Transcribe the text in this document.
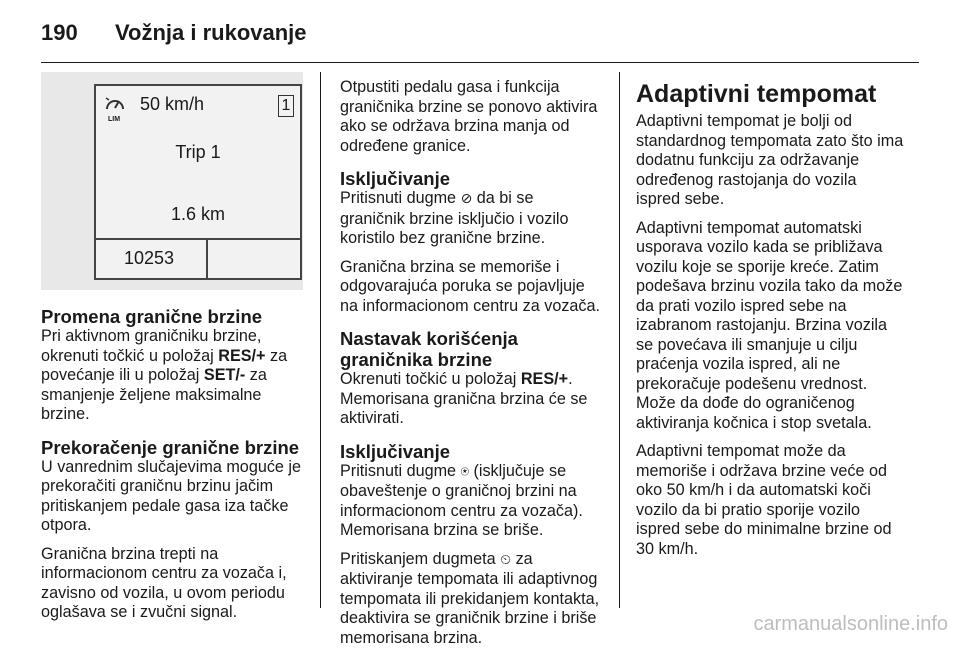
190 Vožnja i rukovanje
LIM
50 km/h	1
Trip 1
1.6 km
10253
Promena granične brzine

Pri aktivnom graničniku brzine, okrenuti točkić u položaj RES/+ za povećanje ili u položaj SET/- za smanjenje željene maksimalne brzine.

Prekoračenje granične brzine

U vanrednim slučajevima moguće je prekoračiti graničnu brzinu jačim pritiskanjem pedale gasa iza tačke otpora.

Granična brzina trepti na informacionom centru za vozača i, zavisno od vozila, u ovom periodu oglašava se i zvučni signal.

Otpustiti pedalu gasa i funkcija graničnika brzine se ponovo aktivira ako se održava brzina manja od određene granice.

Isključivanje

Pritisnuti dugme ⊘ da bi se graničnik brzine isključio i vozilo koristilo bez granične brzine.

Granična brzina se memoriše i odgovarajuća poruka se pojavljuje na informacionom centru za vozača.

Nastavak korišćenja graničnika brzine

Okrenuti točkić u položaj RES/+. Memorisana granična brzina će se aktivirati.

Isključivanje

Pritisnuti dugme ⍟ (isključuje se obaveštenje o graničnoj brzini na informacionom centru za vozača). Memorisana brzina se briše.

Pritiskanjem dugmeta ⏲ za aktiviranje tempomata ili adaptivnog tempomata ili prekidanjem kontakta, deaktivira se graničnik brzine i briše memorisana brzina.

Adaptivni tempomat

Adaptivni tempomat je bolji od standardnog tempomata zato što ima dodatnu funkciju za održavanje određenog rastojanja do vozila ispred sebe.

Adaptivni tempomat automatski usporava vozilo kada se približava vozilu koje se sporije kreće. Zatim podešava brzinu vozila tako da može da prati vozilo ispred sebe na izabranom rastojanju. Brzina vozila se povećava ili smanjuje u cilju praćenja vozila ispred, ali ne prekoračuje podešenu vrednost. Može da dođe do ograničenog aktiviranja kočnica i stop svetala.

Adaptivni tempomat može da memoriše i održava brzine veće od oko 50 km/h i da automatski koči vozilo da bi pratio sporije vozilo ispred sebe do minimalne brzine od 30 km/h.

carmanualsonline.info
